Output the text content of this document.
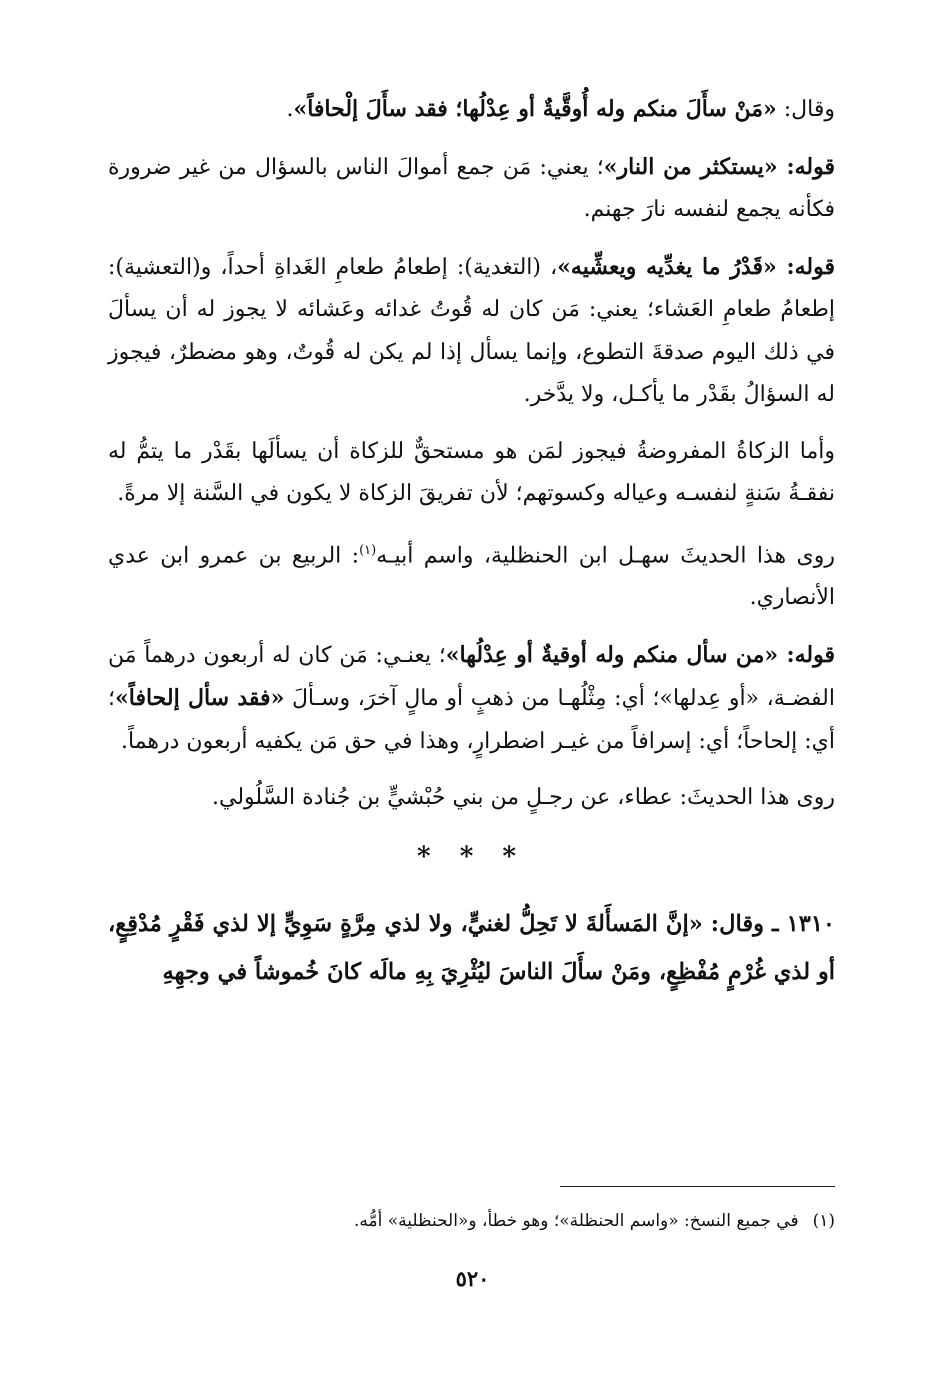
وقال: «مَنْ سأَلَ منكم وله أُوقَّيةٌ أو عِدْلُها؛ فقد سأَلَ إلْحافاً».

قوله: «يستكثر من النار»؛ يعني: مَن جمع أموالَ الناس بالسؤال من غير ضرورة فكأنه يجمع لنفسه نارَ جهنم.

قوله: «قَدْرُ ما يغدِّيه ويعشِّيه»، (التغدية): إطعامُ طعامِ الغَداةِ أحداً، و(التعشية): إطعامُ طعامِ العَشاء؛ يعني: مَن كان له قُوتُ غدائه وعَشائه لا يجوز له أن يسألَ في ذلك اليوم صدقةَ التطوع، وإنما يسأل إذا لم يكن له قُوتٌ، وهو مضطرٌ، فيجوز له السؤالُ بقَدْر ما يأكـل، ولا يدَّخر.

وأما الزكاةُ المفروضةُ فيجوز لمَن هو مستحقٌّ للزكاة أن يسألَها بقَدْر ما يتمُّ له نفقـةُ سَنةٍ لنفسـه وعياله وكسوتهم؛ لأن تفريقَ الزكاة لا يكون في السَّنة إلا مرةً.

روى هذا الحديثَ سهـل ابن الحنظلية، واسم أبيـه$^{(١)}$: الربيع بن عمرو ابن عدي الأنصاري.

قوله: «من سأل منكم وله أوقيةٌ أو عِدْلُها»؛ يعنـي: مَن كان له أربعون درهماً مَن الفضـة، «أو عِدلها»؛ أي: مِثْلُهـا من ذهبٍ أو مالٍ آخرَ، وسـألَ «فقد سأل إلحافاً»؛ أي: إلحاحاً؛ أي: إسرافاً من غيـر اضطرارٍ، وهذا في حق مَن يكفيه أربعون درهماً.

روى هذا الحديثَ: عطاء، عن رجـلٍ من بني حُبْشيٍّ بن جُنادة السَّلُولي.

* * *

١٣١٠ ـ وقال: «إنَّ المَسأَلةَ لا تَحِلُّ لغنيٍّ، ولا لذي مِرَّةٍ سَوِيٍّ إلا لذي فَقْرٍ مُدْقِعٍ، أو لذي غُرْمٍ مُفْظِعٍ، ومَنْ سأَلَ الناسَ ليُثْرِيَ بِهِ مالَه كانَ خُموشاً في وجهِهِ

(١)في جميع النسخ: «واسم الحنظلة»؛ وهو خطأ، و«الحنظلية» أمُّه.
٥٢٠
